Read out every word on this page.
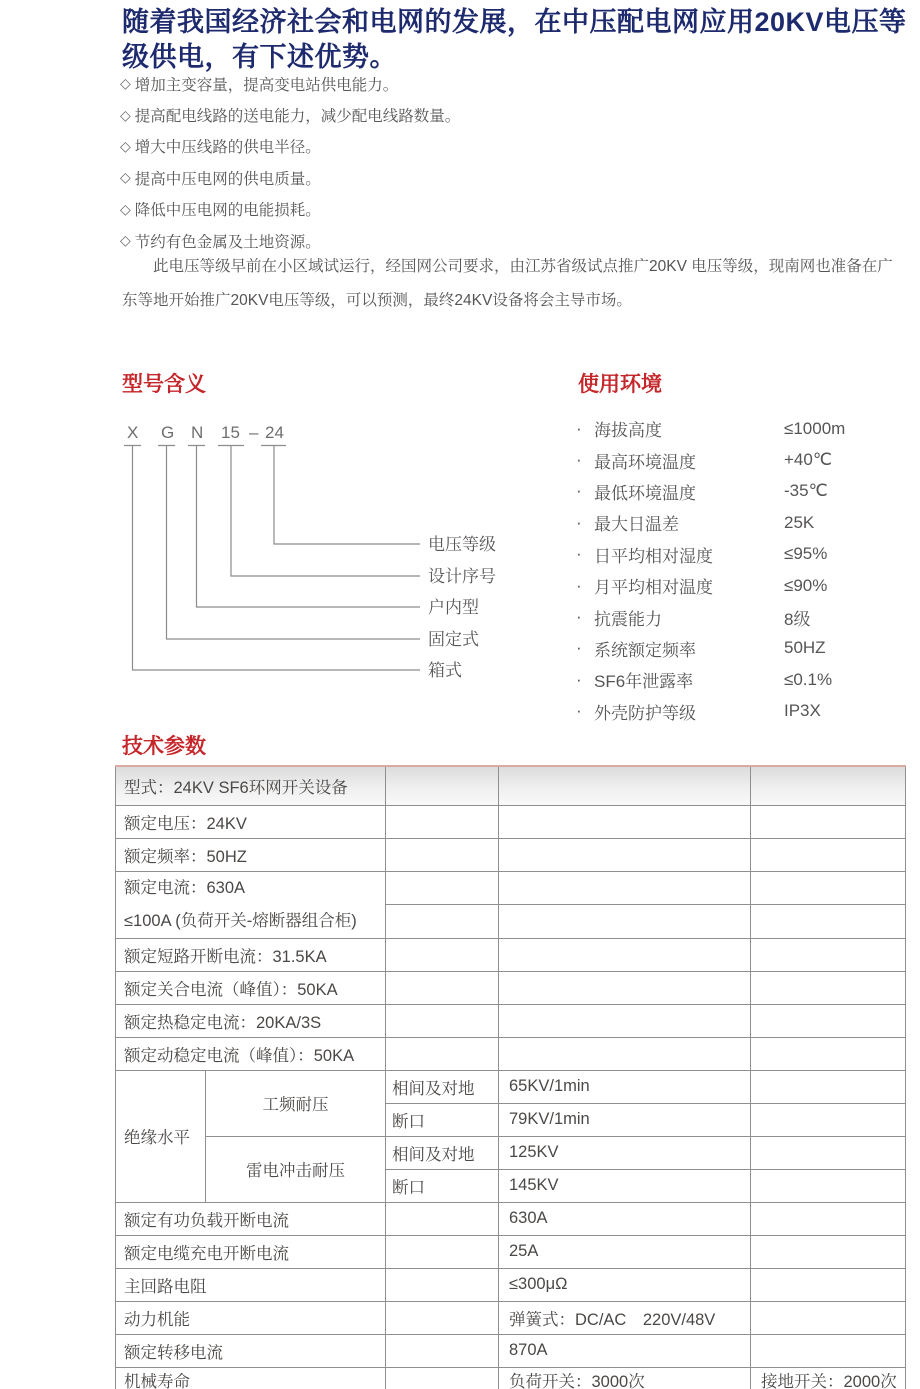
随着我国经济社会和电网的发展，在中压配电网应用20KV电压等级供电，有下述优势。
◇ 增加主变容量，提高变电站供电能力。
◇ 提高配电线路的送电能力，减少配电线路数量。
◇ 增大中压线路的供电半径。
◇ 提高中压电网的供电质量。
◇ 降低中压电网的电能损耗。
◇ 节约有色金属及土地资源。
此电压等级早前在小区域试运行，经国网公司要求，由江苏省级试点推广20KV 电压等级，现南网也准备在广东等地开始推广20KV电压等级，可以预测，最终24KV设备将会主导市场。
型号含义	使用环境
技术参数
X G N 15 – 24
电压等级
设计序号
户内型
固定式
箱式
· 海拔高度	≤1000m
· 最高环境温度	+40℃
· 最低环境温度	-35℃
· 最大日温差	25K
· 日平均相对湿度	≤95%
· 月平均相对温度	≤90%
· 抗震能力	8级
· 系统额定频率	50HZ
· SF6年泄露率	≤0.1%
· 外壳防护等级	IP3X
型式：24KV SF6环网开关设备				
额定电压：24KV				
额定频率：50HZ				

额定电流：630A
≤100A (负荷开关-熔断器组合柜)				

额定短路开断电流：31.5KA				
额定关合电流（峰值）：50KA				
额定热稳定电流：20KA/3S				
额定动稳定电流（峰值）：50KA				
绝缘水平	工频耐压	相间及对地	65KV/1min	
		断口	79KV/1min	
	雷电冲击耐压	相间及对地	125KV	
		断口	145KV	
额定有功负载开断电流			630A	
额定电缆充电开断电流			25A	
主回路电阻			≤300μΩ	
动力机能			弹簧式：DC/AC　220V/48V	
额定转移电流			870A	
机械寿命			负荷开关：3000次	接地开关：2000次
